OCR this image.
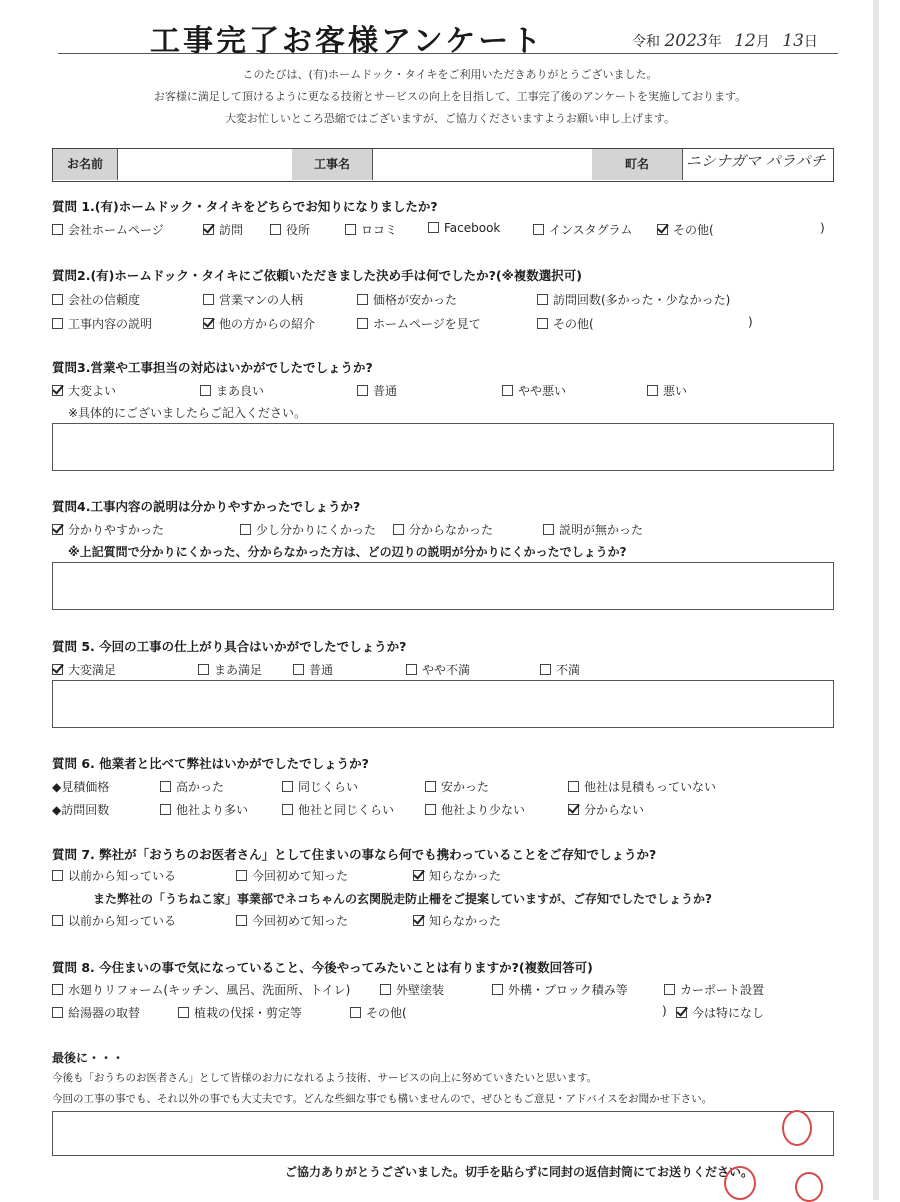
工事完了お客様アンケート	令和 2023年 12月 13日
このたびは、(有)ホームドック・タイキをご利用いただきありがとうございました。
お客様に満足して頂けるように更なる技術とサービスの向上を目指して、工事完了後のアンケートを実施しております。
大変お忙しいところ恐縮ではございますが、ご協力くださいますようお願い申し上げます。
お名前	工事名	町名	ニシナガマ パラパチ
質問 1.(有)ホームドック・タイキをどちらでお知りになりましたか?
会社ホームページ	訪問	役所	ロコミ	Facebook	インスタグラム	その他(	)
質問2.(有)ホームドック・タイキにご依頼いただきました決め手は何でしたか?(※複数選択可)
会社の信頼度	営業マンの人柄	価格が安かった	訪問回数(多かった・少なかった)
工事内容の説明	他の方からの紹介	ホームページを見て	その他(	)
質問3.営業や工事担当の対応はいかがでしたでしょうか?
大変よい	まあ良い	普通	やや悪い	悪い
※具体的にございましたらご記入ください。
質問4.工事内容の説明は分かりやすかったでしょうか?
分かりやすかった	少し分かりにくかった	分からなかった	説明が無かった
※上記質問で分かりにくかった、分からなかった方は、どの辺りの説明が分かりにくかったでしょうか?
質問 5. 今回の工事の仕上がり具合はいかがでしたでしょうか?
大変満足	まあ満足	普通	やや不満	不満
質問 6. 他業者と比べて弊社はいかがでしたでしょうか?
◆見積価格	高かった	同じくらい	安かった	他社は見積もっていない
◆訪問回数	他社より多い	他社と同じくらい	他社より少ない	分からない
質問 7. 弊社が「おうちのお医者さん」として住まいの事なら何でも携わっていることをご存知でしょうか?
以前から知っている	今回初めて知った	知らなかった
また弊社の「うちねこ家」事業部でネコちゃんの玄関脱走防止柵をご提案していますが、ご存知でしたでしょうか?
以前から知っている	今回初めて知った	知らなかった
質問 8. 今住まいの事で気になっていること、今後やってみたいことは有りますか?(複数回答可)
水廻りリフォーム(キッチン、風呂、洗面所、トイレ)	外壁塗装	外構・ブロック積み等	カーポート設置
給湯器の取替	植栽の伐採・剪定等	その他(	)	今は特になし
最後に・・・
今後も「おうちのお医者さん」として皆様のお力になれるよう技術、サービスの向上に努めていきたいと思います。
今回の工事の事でも、それ以外の事でも大丈夫です。どんな些細な事でも構いませんので、ぜひともご意見・アドバイスをお聞かせ下さい。
ご協力ありがとうございました。切手を貼らずに同封の返信封筒にてお送りください。
